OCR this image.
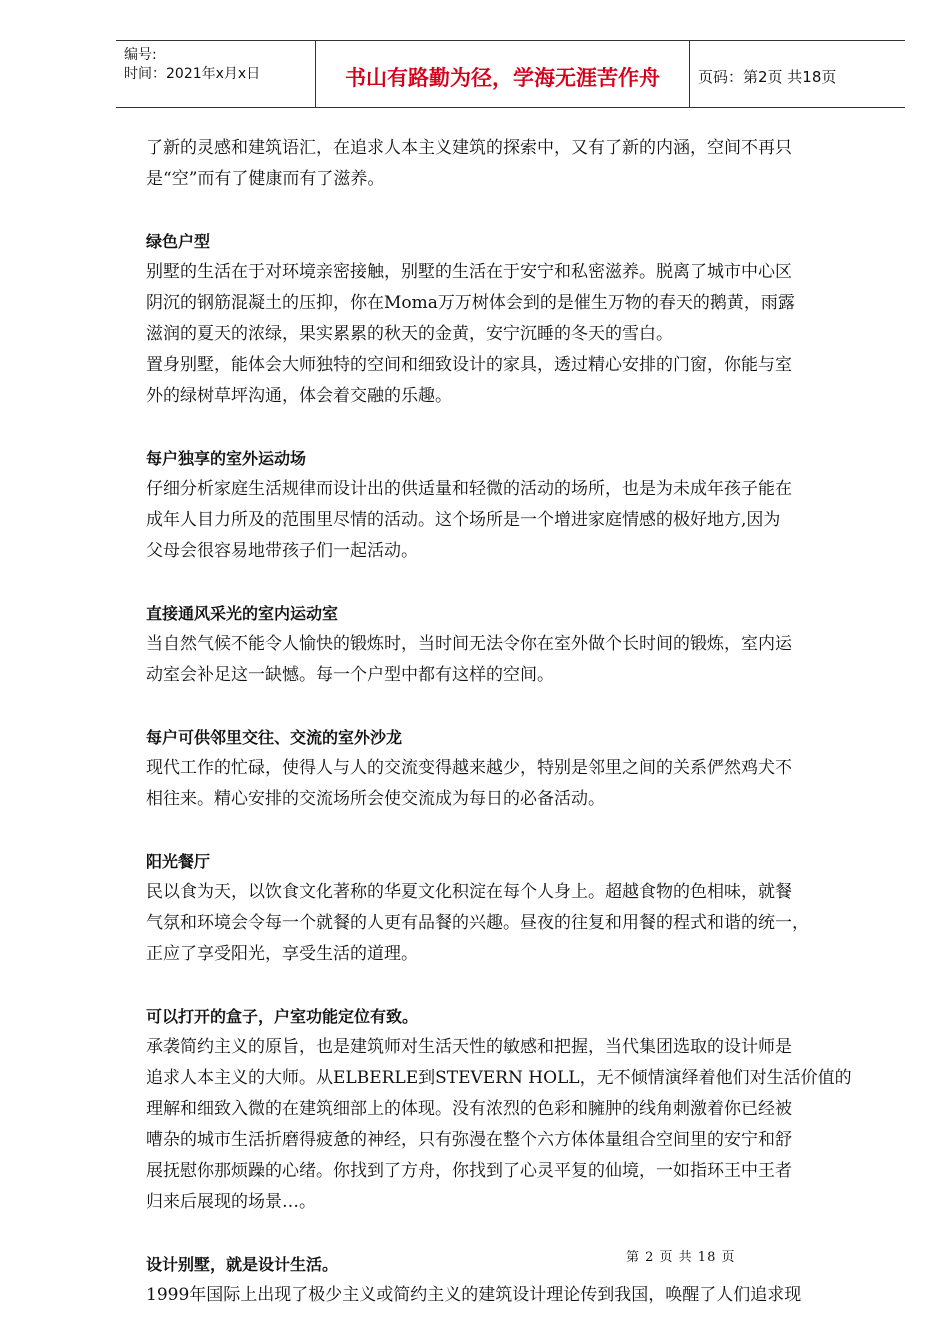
编号:
时间：2021年x月x日	书山有路勤为径，学海无涯苦作舟	页码：第2页 共18页

了新的灵感和建筑语汇，在追求人本主义建筑的探索中，又有了新的内涵，空间不再只

是“空”而有了健康而有了滋养。

绿色户型

别墅的生活在于对环境亲密接触，别墅的生活在于安宁和私密滋养。脱离了城市中心区

阴沉的钢筋混凝土的压抑，你在Moma万万树体会到的是催生万物的春天的鹅黄，雨露

滋润的夏天的浓绿，果实累累的秋天的金黄，安宁沉睡的冬天的雪白。

置身别墅，能体会大师独特的空间和细致设计的家具，透过精心安排的门窗，你能与室

外的绿树草坪沟通，体会着交融的乐趣。

每户独享的室外运动场

仔细分析家庭生活规律而设计出的供适量和轻微的活动的场所，也是为未成年孩子能在

成年人目力所及的范围里尽情的活动。这个场所是一个增进家庭情感的极好地方,因为

父母会很容易地带孩子们一起活动。

直接通风采光的室内运动室

当自然气候不能令人愉快的锻炼时，当时间无法令你在室外做个长时间的锻炼，室内运

动室会补足这一缺憾。每一个户型中都有这样的空间。

每户可供邻里交往、交流的室外沙龙

现代工作的忙碌，使得人与人的交流变得越来越少，特别是邻里之间的关系俨然鸡犬不

相往来。精心安排的交流场所会使交流成为每日的必备活动。

阳光餐厅

民以食为天，以饮食文化著称的华夏文化积淀在每个人身上。超越食物的色相味，就餐

气氛和环境会令每一个就餐的人更有品餐的兴趣。昼夜的往复和用餐的程式和谐的统一，

正应了享受阳光，享受生活的道理。

可以打开的盒子，户室功能定位有致。

承袭简约主义的原旨，也是建筑师对生活天性的敏感和把握，当代集团选取的设计师是

追求人本主义的大师。从ELBERLE到STEVERN HOLL，无不倾情演绎着他们对生活价值的

理解和细致入微的在建筑细部上的体现。没有浓烈的色彩和臃肿的线角刺激着你已经被

嘈杂的城市生活折磨得疲惫的神经，只有弥漫在整个六方体体量组合空间里的安宁和舒

展抚慰你那烦躁的心绪。你找到了方舟，你找到了心灵平复的仙境，一如指环王中王者

归来后展现的场景…。

设计别墅，就是设计生活。

1999年国际上出现了极少主义或简约主义的建筑设计理论传到我国，唤醒了人们追求现

第 2 页 共 18 页
